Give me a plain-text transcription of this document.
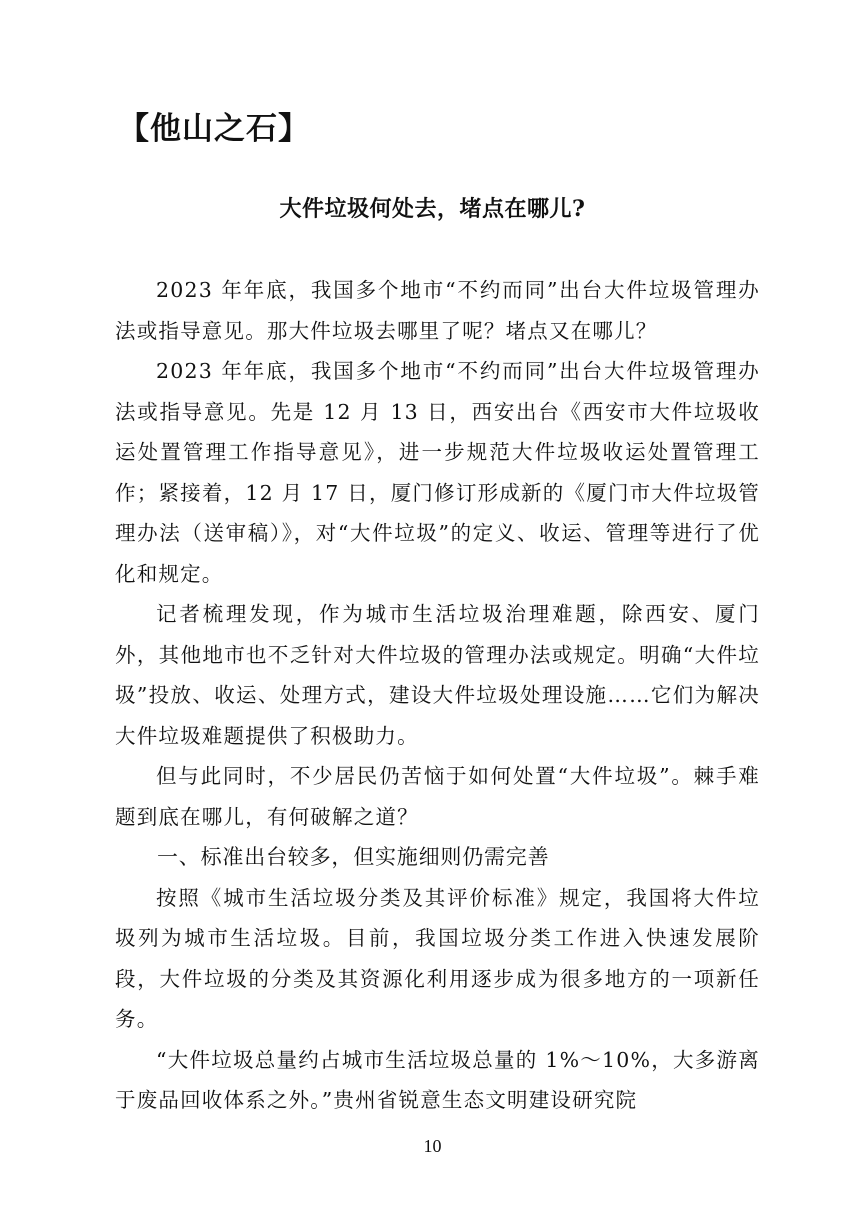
【他山之石】
大件垃圾何处去，堵点在哪儿?

2023 年年底，我国多个地市“不约而同”出台大件垃圾管理办法或指导意见。那大件垃圾去哪里了呢？堵点又在哪儿？

2023 年年底，我国多个地市“不约而同”出台大件垃圾管理办法或指导意见。先是 12 月 13 日，西安出台《西安市大件垃圾收运处置管理工作指导意见》，进一步规范大件垃圾收运处置管理工作；紧接着，12 月 17 日，厦门修订形成新的《厦门市大件垃圾管理办法（送审稿）》，对“大件垃圾”的定义、收运、管理等进行了优化和规定。

记者梳理发现，作为城市生活垃圾治理难题，除西安、厦门外，其他地市也不乏针对大件垃圾的管理办法或规定。明确“大件垃圾”投放、收运、处理方式，建设大件垃圾处理设施……它们为解决大件垃圾难题提供了积极助力。

但与此同时，不少居民仍苦恼于如何处置“大件垃圾”。棘手难题到底在哪儿，有何破解之道？

一、标准出台较多，但实施细则仍需完善

按照《城市生活垃圾分类及其评价标准》规定，我国将大件垃圾列为城市生活垃圾。目前，我国垃圾分类工作进入快速发展阶段，大件垃圾的分类及其资源化利用逐步成为很多地方的一项新任务。

“大件垃圾总量约占城市生活垃圾总量的 1%～10%，大多游离于废品回收体系之外。”贵州省锐意生态文明建设研究院

10
